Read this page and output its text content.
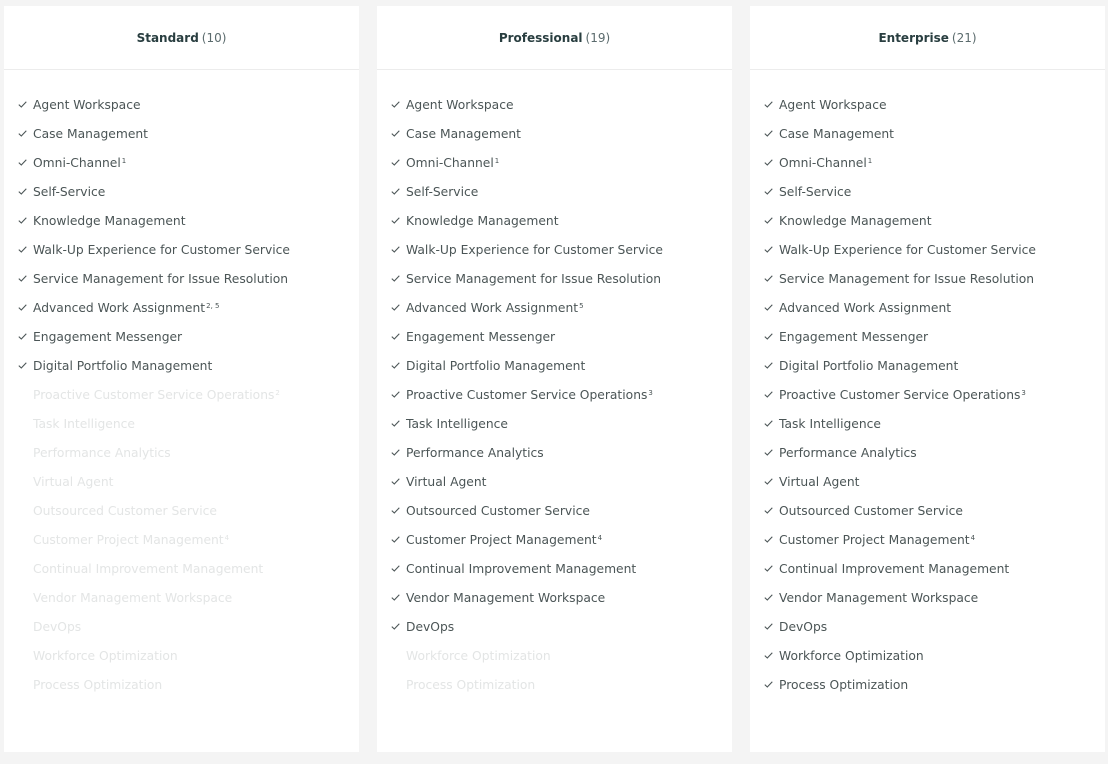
Standard (10)
Agent Workspace
Case Management
Omni-Channel$^1$
Self-Service
Knowledge Management
Walk-Up Experience for Customer Service
Service Management for Issue Resolution
Advanced Work Assignment$^{2, 5}$
Engagement Messenger
Digital Portfolio Management
Proactive Customer Service Operations$^2$
Task Intelligence
Performance Analytics
Virtual Agent
Outsourced Customer Service
Customer Project Management$^4$
Continual Improvement Management
Vendor Management Workspace
DevOps
Workforce Optimization
Process Optimization
Professional (19)
Agent Workspace
Case Management
Omni-Channel$^1$
Self-Service
Knowledge Management
Walk-Up Experience for Customer Service
Service Management for Issue Resolution
Advanced Work Assignment$^5$
Engagement Messenger
Digital Portfolio Management
Proactive Customer Service Operations$^3$
Task Intelligence
Performance Analytics
Virtual Agent
Outsourced Customer Service
Customer Project Management$^4$
Continual Improvement Management
Vendor Management Workspace
DevOps
Workforce Optimization
Process Optimization
Enterprise (21)
Agent Workspace
Case Management
Omni-Channel$^1$
Self-Service
Knowledge Management
Walk-Up Experience for Customer Service
Service Management for Issue Resolution
Advanced Work Assignment
Engagement Messenger
Digital Portfolio Management
Proactive Customer Service Operations$^3$
Task Intelligence
Performance Analytics
Virtual Agent
Outsourced Customer Service
Customer Project Management$^4$
Continual Improvement Management
Vendor Management Workspace
DevOps
Workforce Optimization
Process Optimization
